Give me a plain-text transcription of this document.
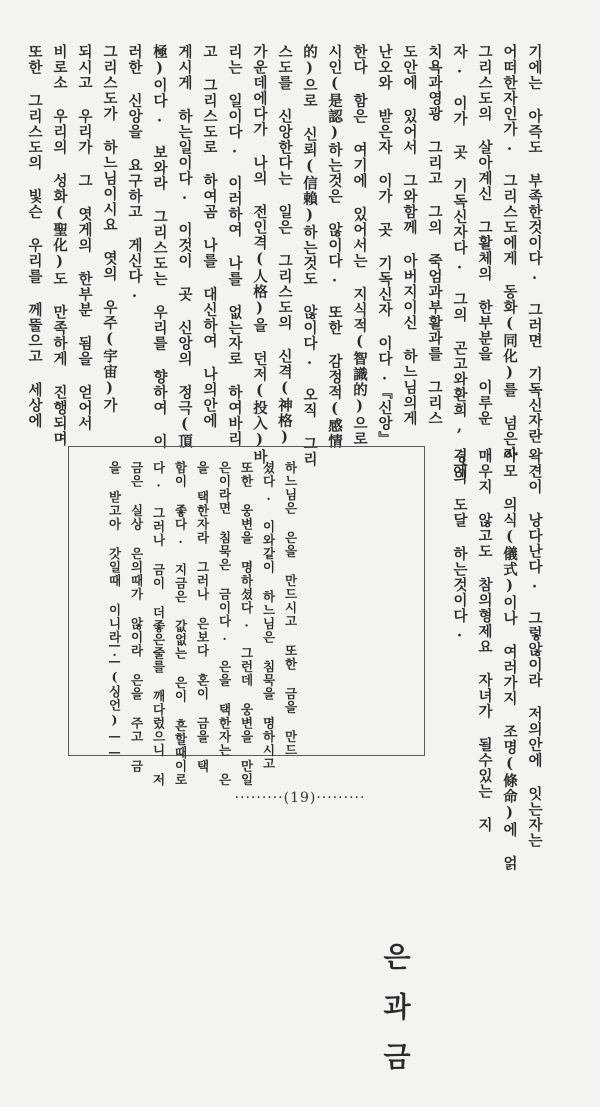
기에는 아즉도 부족한것이다. 그러면 기독신자란
어떠한자인가. 그리스도에게 동화(同化)를 넘은자
그리스도의 살아계신 그활체의 한부분을 이루운
자. 이가 곳 기독신자다. 그의 곤고와환희, 그의
치욕과영광 그리고 그의 죽엄과부활과를 그리스
도안에 있어서 그와함께 아버지이신 하느님의게
난오와 받은자 이가 곳 기독신자 이다.『신앙』
한다 함은 여기에 있어서는 지식적(智識的)으로
시인(是認)하는것은 않이다. 또한 감정적(感情
的)으로 신뢰(信賴)하는것도 않이다. 오직 그리
스도를 신앙한다는 일은 그리스도의 신격(神格)
가운데에다가 나의 전인격(人格)을 던저(投入)바
리는 일이다. 이러하여 나를 없는자로 하여바리
고 그리스도로 하여곰 나를 대신하여 나의안에
게시게 하는일이다. 이것이 곳 신앙의 정극(頂
極)이다. 보와라 그리스도는 우리를 향하여 이
러한 신앙을 요구하고 게신다.
그리스도가 하느님이시요 엿의 우주(宇宙)가
되시고 우리가 그 엿게의 한부분 됨을 얻어서
비로소 우리의 성화(聖化)도 만족하게 진행되며
또한 그리스도의 빛슨 우리를 께뚤으고 세상에
왁견이 낭다난다. 그렇않이라 저의안에 잇는자는
아모 의식(儀式)이나 여러가지 조명(條命)에 얽
매우지 않고도 참의형제요 자녀가 될수있는 지
경에 도달 하는것이다.
은과금
하느님은 은을 만드시고 또한 금을 만드
셨다. 이와같이 하느님은 침묵을 명하시고
또한 웅변을 명하셨다. 그런데 웅변을 만일
은이라면 침묵은 금이다. 은을 택한자는 은
을 택한자라 그러나 은보다 혼이 금을 택
함이 좋다. 지금은 값없는 은이 흔할때이로
다. 그러나 금이 더좋은줄를 깨다렀으니 저
금은 실상 은의때가 않이라 은을 주고 금
을 받고아 갓일때 이니라.
——(싱언)——
·········(19)·········
